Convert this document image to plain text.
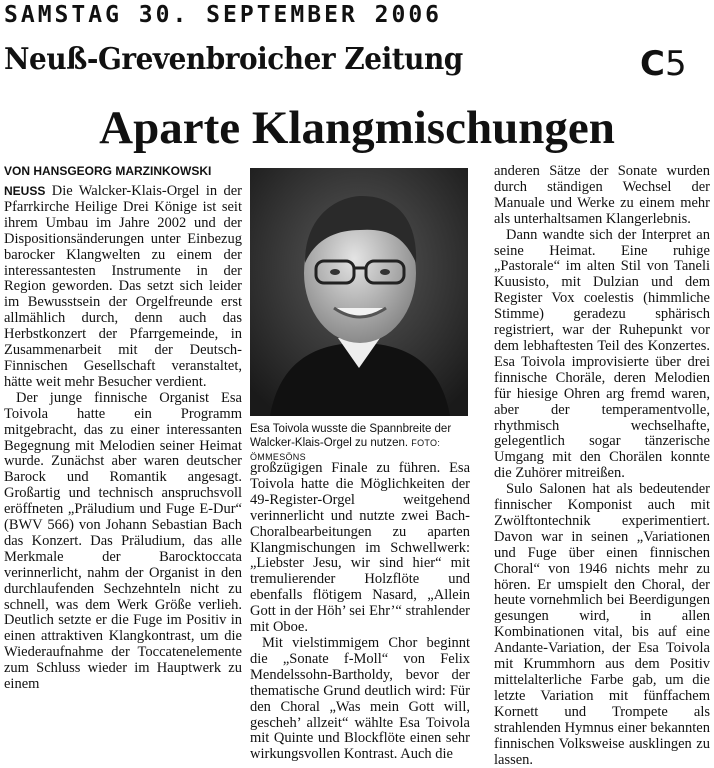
SAMSTAG 30. SEPTEMBER 2006
Neuß-Grevenbroicher Zeitung	C5
Aparte Klangmischungen
VON HANSGEORG MARZINKOWSKI

NEUSS Die Walcker-Klais-Orgel in der Pfarrkirche Heilige Drei Könige ist seit ihrem Umbau im Jahre 2002 und der Dispositionsänderungen unter Einbezug barocker Klangwelten zu einem der interessantesten Instrumente in der Region geworden. Das setzt sich leider im Bewusstsein der Orgelfreunde erst allmählich durch, denn auch das Herbstkonzert der Pfarrgemeinde, in Zusammenarbeit mit der Deutsch-Finnischen Gesellschaft veranstaltet, hätte weit mehr Besucher verdient.

Der junge finnische Organist Esa Toivola hatte ein Programm mitgebracht, das zu einer interessanten Begegnung mit Melodien seiner Heimat wurde. Zunächst aber waren deutscher Barock und Romantik angesagt. Großartig und technisch anspruchsvoll eröffneten „Präludium und Fuge E-Dur“ (BWV 566) von Johann Sebastian Bach das Konzert. Das Präludium, das alle Merkmale der Barocktoccata verinnerlicht, nahm der Organist in den durchlaufenden Sechzehnteln nicht zu schnell, was dem Werk Größe verlieh. Deutlich setzte er die Fuge im Positiv in einen attraktiven Klangkontrast, um die Wiederaufnahme der Toccatenelemente zum Schluss wieder im Hauptwerk zu einem

Esa Toivola wusste die Spannbreite der Walcker-Klais-Orgel zu nutzen. FOTO: ÖMMESÖNS

großzügigen Finale zu führen. Esa Toivola hatte die Möglichkeiten der 49-Register-Orgel weitgehend verinnerlicht und nutzte zwei Bach-Choralbearbeitungen zu aparten Klangmischungen im Schwellwerk: „Liebster Jesu, wir sind hier“ mit tremulierender Holzflöte und ebenfalls flötigem Nasard, „Allein Gott in der Höh’ sei Ehr’“ strahlender mit Oboe.

Mit vielstimmigem Chor beginnt die „Sonate f-Moll“ von Felix Mendelssohn-Bartholdy, bevor der thematische Grund deutlich wird: Für den Choral „Was mein Gott will, gescheh’ allzeit“ wählte Esa Toivola mit Quinte und Blockflöte einen sehr wirkungsvollen Kontrast. Auch die

anderen Sätze der Sonate wurden durch ständigen Wechsel der Manuale und Werke zu einem mehr als unterhaltsamen Klangerlebnis.

Dann wandte sich der Interpret an seine Heimat. Eine ruhige „Pastorale“ im alten Stil von Taneli Kuusisto, mit Dulzian und dem Register Vox coelestis (himmliche Stimme) geradezu sphärisch registriert, war der Ruhepunkt vor dem lebhaftesten Teil des Konzertes. Esa Toivola improvisierte über drei finnische Choräle, deren Melodien für hiesige Ohren arg fremd waren, aber der temperamentvolle, rhythmisch wechselhafte, gelegentlich sogar tänzerische Umgang mit den Chorälen konnte die Zuhörer mitreißen.

Sulo Salonen hat als bedeutender finnischer Komponist auch mit Zwölftontechnik experimentiert. Davon war in seinen „Variationen und Fuge über einen finnischen Choral“ von 1946 nichts mehr zu hören. Er umspielt den Choral, der heute vornehmlich bei Beerdigungen gesungen wird, in allen Kombinationen vital, bis auf eine Andante-Variation, der Esa Toivola mit Krummhorn aus dem Positiv mittelalterliche Farbe gab, um die letzte Variation mit fünffachem Kornett und Trompete als strahlenden Hymnus einer bekannten finnischen Volksweise ausklingen zu lassen.
